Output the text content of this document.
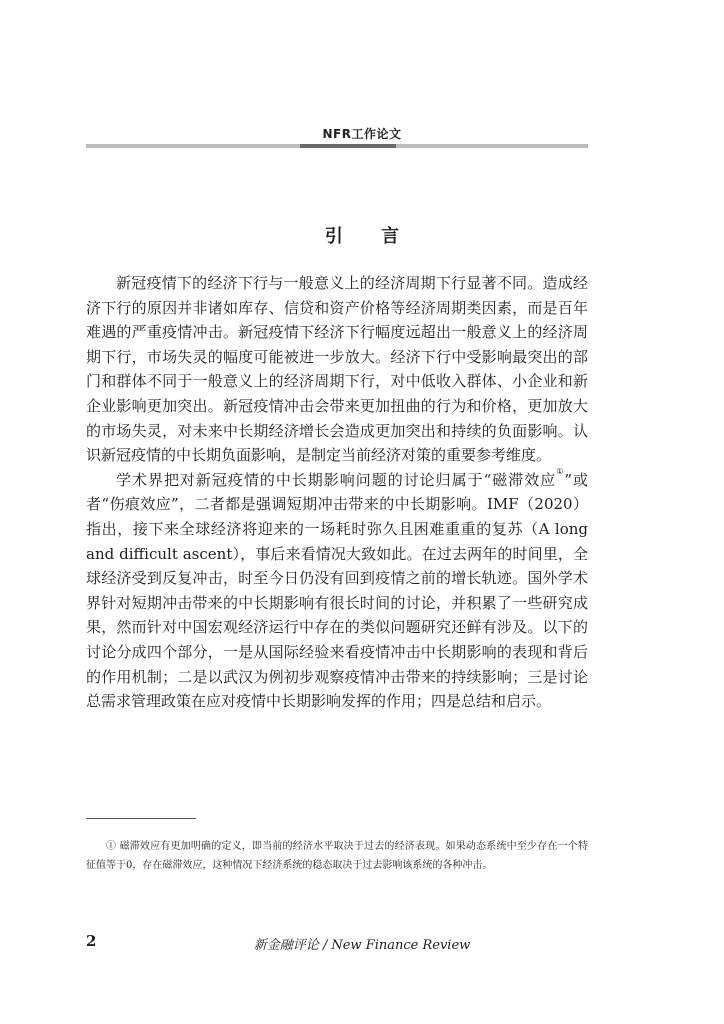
NFR工作论文
引 言

新冠疫情下的经济下行与一般意义上的经济周期下行显著不同。造成经济下行的原因并非诸如库存、信贷和资产价格等经济周期类因素，而是百年难遇的严重疫情冲击。新冠疫情下经济下行幅度远超出一般意义上的经济周期下行，市场失灵的幅度可能被进一步放大。经济下行中受影响最突出的部门和群体不同于一般意义上的经济周期下行，对中低收入群体、小企业和新企业影响更加突出。新冠疫情冲击会带来更加扭曲的行为和价格，更加放大的市场失灵，对未来中长期经济增长会造成更加突出和持续的负面影响。认识新冠疫情的中长期负面影响，是制定当前经济对策的重要参考维度。

学术界把对新冠疫情的中长期影响问题的讨论归属于“磁滞效应①”或者“伤痕效应”，二者都是强调短期冲击带来的中长期影响。IMF（2020）指出，接下来全球经济将迎来的一场耗时弥久且困难重重的复苏（A long and difficult ascent），事后来看情况大致如此。在过去两年的时间里，全球经济受到反复冲击，时至今日仍没有回到疫情之前的增长轨迹。国外学术界针对短期冲击带来的中长期影响有很长时间的讨论，并积累了一些研究成果，然而针对中国宏观经济运行中存在的类似问题研究还鲜有涉及。以下的讨论分成四个部分，一是从国际经验来看疫情冲击中长期影响的表现和背后的作用机制；二是以武汉为例初步观察疫情冲击带来的持续影响；三是讨论总需求管理政策在应对疫情中长期影响发挥的作用；四是总结和启示。

① 磁滞效应有更加明确的定义，即当前的经济水平取决于过去的经济表现。如果动态系统中至少存在一个特征值等于0，存在磁滞效应，这种情况下经济系统的稳态取决于过去影响该系统的各种冲击。
2	新金融评论 / New Finance Review
